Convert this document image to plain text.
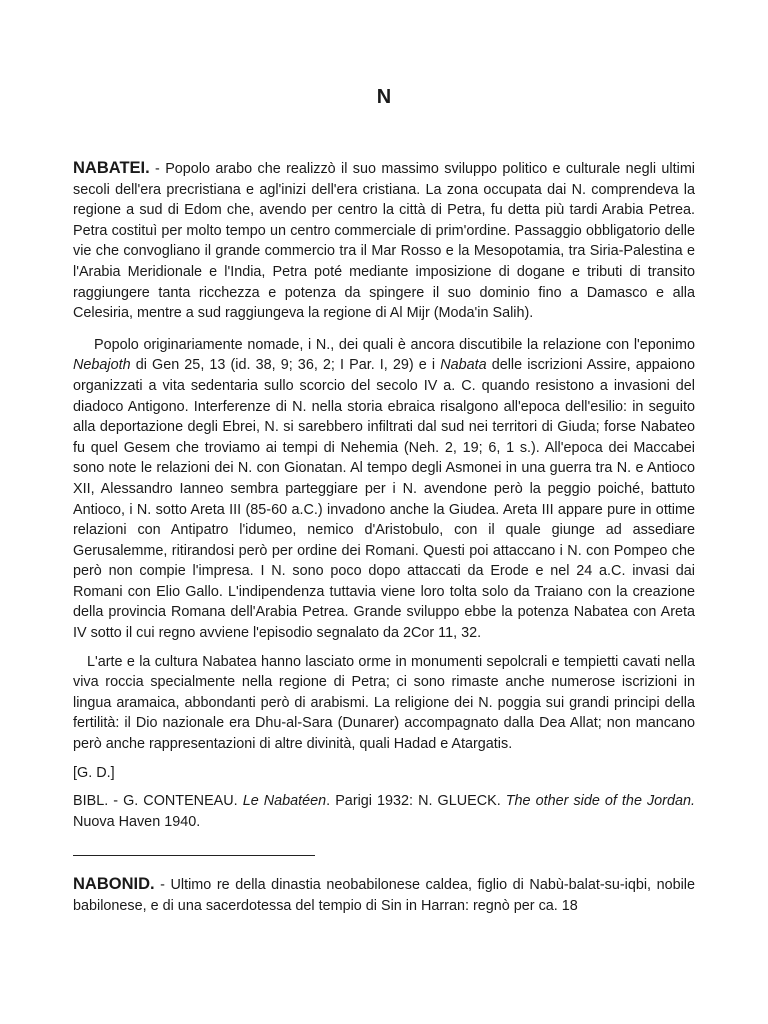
N

NABATEI. - Popolo arabo che realizzò il suo massimo sviluppo politico e culturale negli ultimi secoli dell'era precristiana e agl'inizi dell'era cristiana. La zona occupata dai N. comprendeva la regione a sud di Edom che, avendo per centro la città di Petra, fu detta più tardi Arabia Petrea. Petra costituì per molto tempo un centro commerciale di prim'ordine. Passaggio obbligatorio delle vie che convogliano il grande commercio tra il Mar Rosso e la Mesopotamia, tra Siria-Palestina e l'Arabia Meridionale e l'India, Petra poté mediante imposizione di dogane e tributi di transito raggiungere tanta ricchezza e potenza da spingere il suo dominio fino a Damasco e alla Celesiria, mentre a sud raggiungeva la regione di Al Mijr (Moda'in Salih).

Popolo originariamente nomade, i N., dei quali è ancora discutibile la relazione con l'eponimo Nebajoth di Gen 25, 13 (id. 38, 9; 36, 2; I Par. I, 29) e i Nabata delle iscrizioni Assire, appaiono organizzati a vita sedentaria sullo scorcio del secolo IV a. C. quando resistono a invasioni del diadoco Antigono. Interferenze di N. nella storia ebraica risalgono all'epoca dell'esilio: in seguito alla deportazione degli Ebrei, N. si sarebbero infiltrati dal sud nei territori di Giuda; forse Nabateo fu quel Gesem che troviamo ai tempi di Nehemia (Neh. 2, 19; 6, 1 s.). All'epoca dei Maccabei sono note le relazioni dei N. con Gionatan. Al tempo degli Asmonei in una guerra tra N. e Antioco XII, Alessandro Ianneo sembra parteggiare per i N. avendone però la peggio poiché, battuto Antioco, i N. sotto Areta III (85-60 a.C.) invadono anche la Giudea. Areta III appare pure in ottime relazioni con Antipatro l'idumeo, nemico d'Aristobulo, con il quale giunge ad assediare Gerusalemme, ritirandosi però per ordine dei Romani. Questi poi attaccano i N. con Pompeo che però non compie l'impresa. I N. sono poco dopo attaccati da Erode e nel 24 a.C. invasi dai Romani con Elio Gallo. L'indipendenza tuttavia viene loro tolta solo da Traiano con la creazione della provincia Romana dell'Arabia Petrea. Grande sviluppo ebbe la potenza Nabatea con Areta IV sotto il cui regno avviene l'episodio segnalato da 2Cor 11, 32.

L'arte e la cultura Nabatea hanno lasciato orme in monumenti sepolcrali e tempietti cavati nella viva roccia specialmente nella regione di Petra; ci sono rimaste anche numerose iscrizioni in lingua aramaica, abbondanti però di arabismi. La religione dei N. poggia sui grandi principi della fertilità: il Dio nazionale era Dhu-al-Sara (Dunarer) accompagnato dalla Dea Allat; non mancano però anche rappresentazioni di altre divinità, quali Hadad e Atargatis.

[G. D.]

BIBL. - G. CONTENEAU. Le Nabatéen. Parigi 1932: N. GLUECK. The other side of the Jordan. Nuova Haven 1940.

NABONID. - Ultimo re della dinastia neobabilonese caldea, figlio di Nabù-balat-su-iqbi, nobile babilonese, e di una sacerdotessa del tempio di Sin in Harran: regnò per ca. 18
